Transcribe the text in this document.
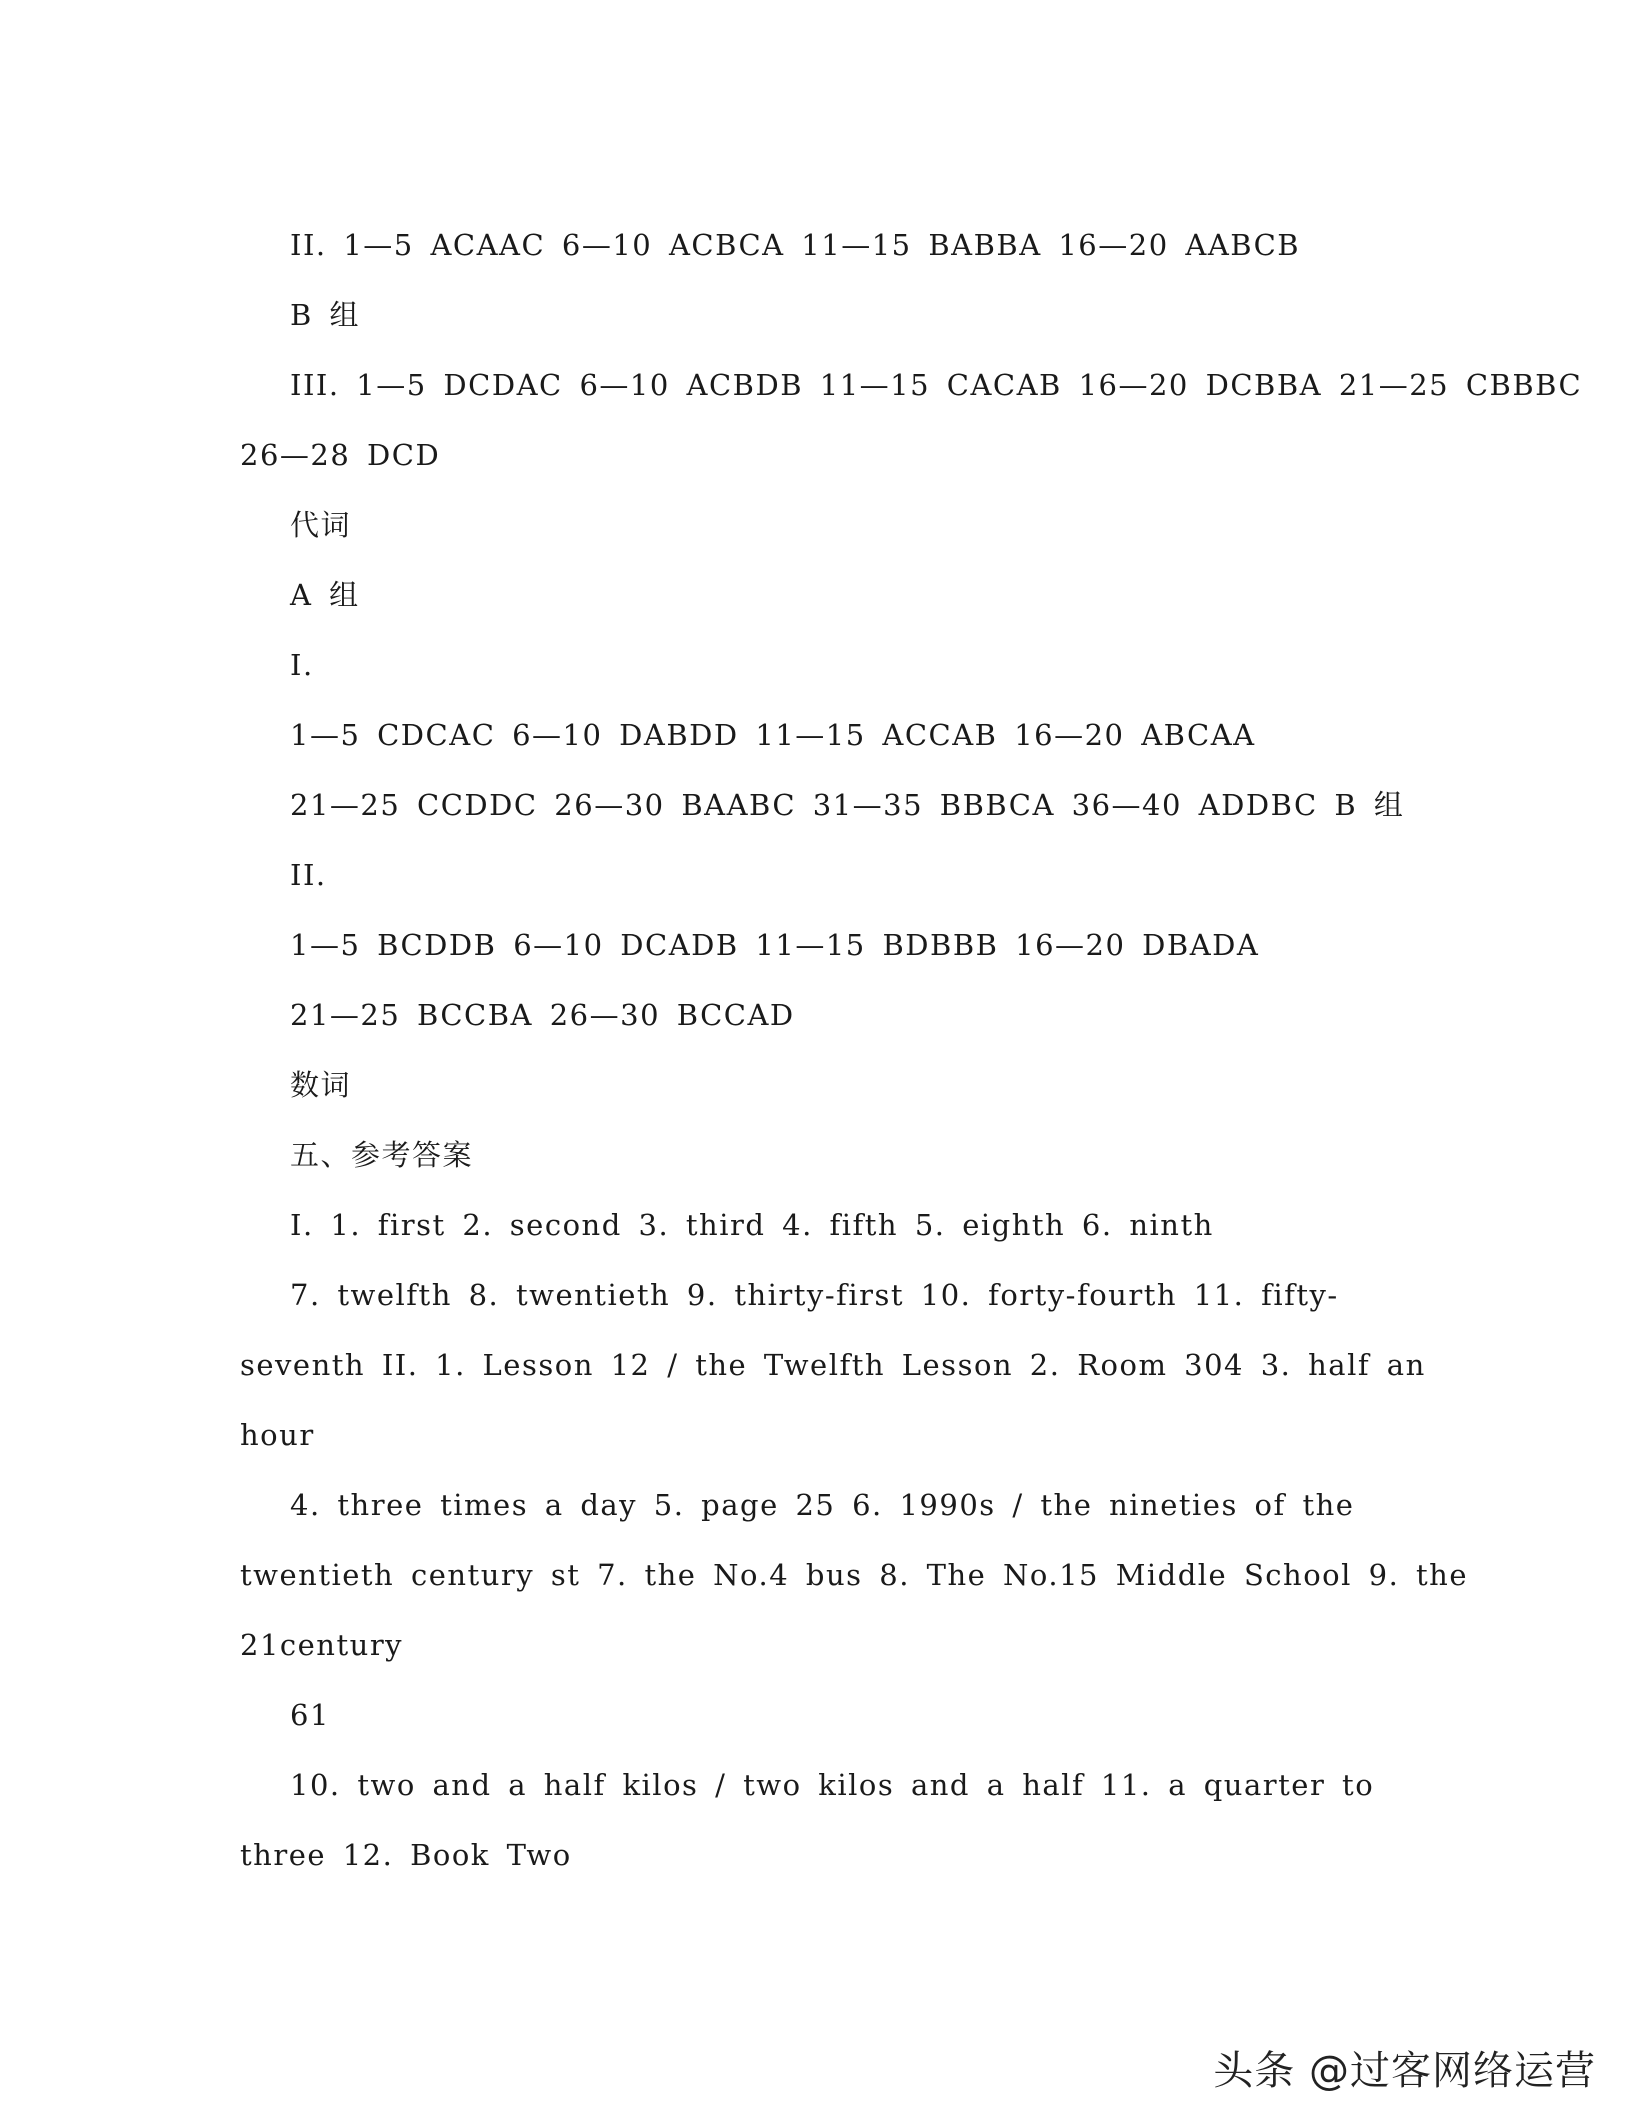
II. 1—5 ACAAC 6—10 ACBCA 11—15 BABBA 16—20 AABCB
B 组
III. 1—5 DCDAC 6—10 ACBDB 11—15 CACAB 16—20 DCBBA 21—25 CBBBC
26—28 DCD
代词
A 组
I.
1—5 CDCAC 6—10 DABDD 11—15 ACCAB 16—20 ABCAA
21—25 CCDDC 26—30 BAABC 31—35 BBBCA 36—40 ADDBC B 组
II.
1—5 BCDDB 6—10 DCADB 11—15 BDBBB 16—20 DBADA
21—25 BCCBA 26—30 BCCAD
数词
五、参考答案
I. 1. first 2. second 3. third 4. fifth 5. eighth 6. ninth
7. twelfth 8. twentieth 9. thirty-first 10. forty-fourth 11. fifty-
seventh II. 1. Lesson 12 / the Twelfth Lesson 2. Room 304 3. half an
hour
4. three times a day 5. page 25 6. 1990s / the nineties of the
twentieth century st 7. the No.4 bus 8. The No.15 Middle School 9. the
21century
61
10. two and a half kilos / two kilos and a half 11. a quarter to
three 12. Book Two
头条 @过客网络运营
